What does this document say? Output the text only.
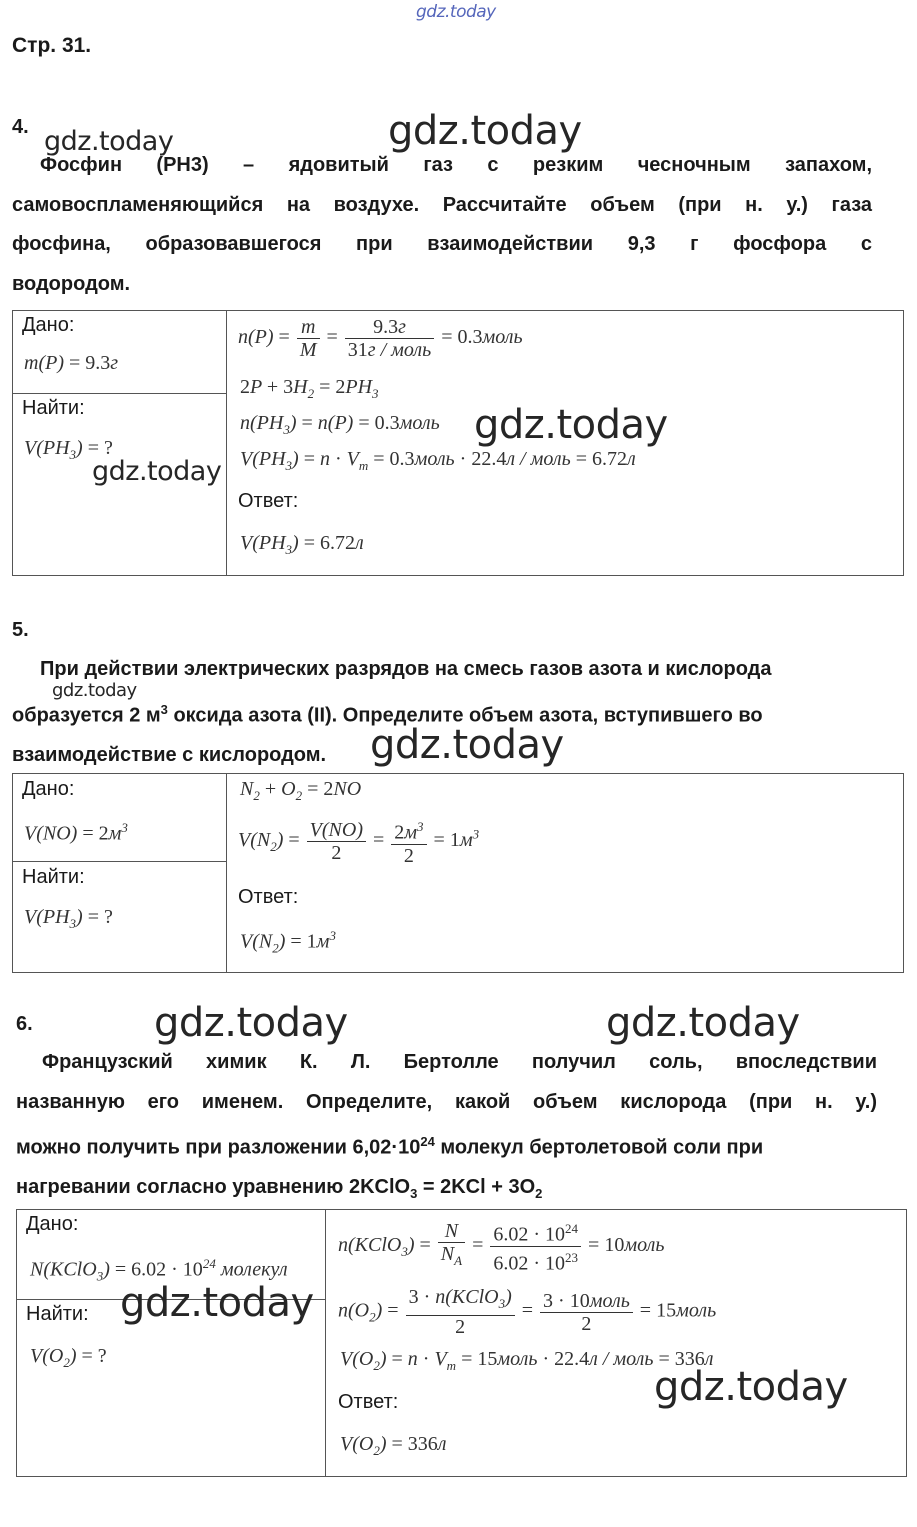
gdz.today
Стр. 31.
4. gdz.today	gdz.today
Фосфин (PH3) – ядовитый газ с резким чесночным запахом,
самовоспламеняющийся на воздухе. Рассчитайте объем (при н. у.) газа
фосфина, образовавшегося при взаимодействии 9,3 г фосфора с
водородом.
Дано:
m(P) = 9.3г
Найти:
$V(PH_3)$ = ?
gdz.today
$n(P) = \frac{m}{M} = \frac{9.3г}{\text{31г / моль}}$ = 0.3моль
$2P + 3H_2 = 2PH_3$
$n(PH_3) = n(P)$ = 0.3моль gdz.today
$V(PH_3) = n \cdot V_m$ = 0.3моль · 22.4л / моль = 6.72л
Ответ:
$V(PH_3) = 6.72л$
5.
При действии электрических разрядов на смесь газов азота и кислорода
образуется 2 $м^3$ оксида азота (II). Определите объем азота, вступившего во
взаимодействие с кислородом.
gdz.today
gdz.today
Дано:
$V(NO) = 2м^3$
Найти:
$V(PH_3)$ = ?
$N_2 + O_2 = 2NO$
$V(N_2) = \frac{V(NO)}{2} = \frac{2м^3}{2} = 1м^3$
Ответ:
$V(N_2) = 1м^3$
6.	gdz.today	gdz.today
Французский химик К. Л. Бертолле получил соль, впоследствии
названную его именем. Определите, какой объем кислорода (при н. у.)
можно получить при разложении $6,02\cdot 10^{24}$ молекул бертолетовой соли при
нагревании согласно уравнению 2KClO$_3$ = $2KCl + 3O_2$
Дано:
N(KClO$_3$) = $6.02 \cdot 10^{24}$ молекул
Найти: gdz.today
$V(O_2)$ = ?
n(KClO$_3$) = $\frac{N}{N_A} = \frac{6.02 \cdot 10^{24}}{6.02 \cdot 10^{23}}$ = 10моль
$n(O_2) = \frac{3 \cdot n(KClO_3)}{2} = \frac{\text{3 · 10моль}}{2}$ = 15моль
$V(O_2) = n \cdot V_m$ = 15моль · 22.4л / моль = 336л
gdz.today
Ответ:
$V(O_2) = 336л$
